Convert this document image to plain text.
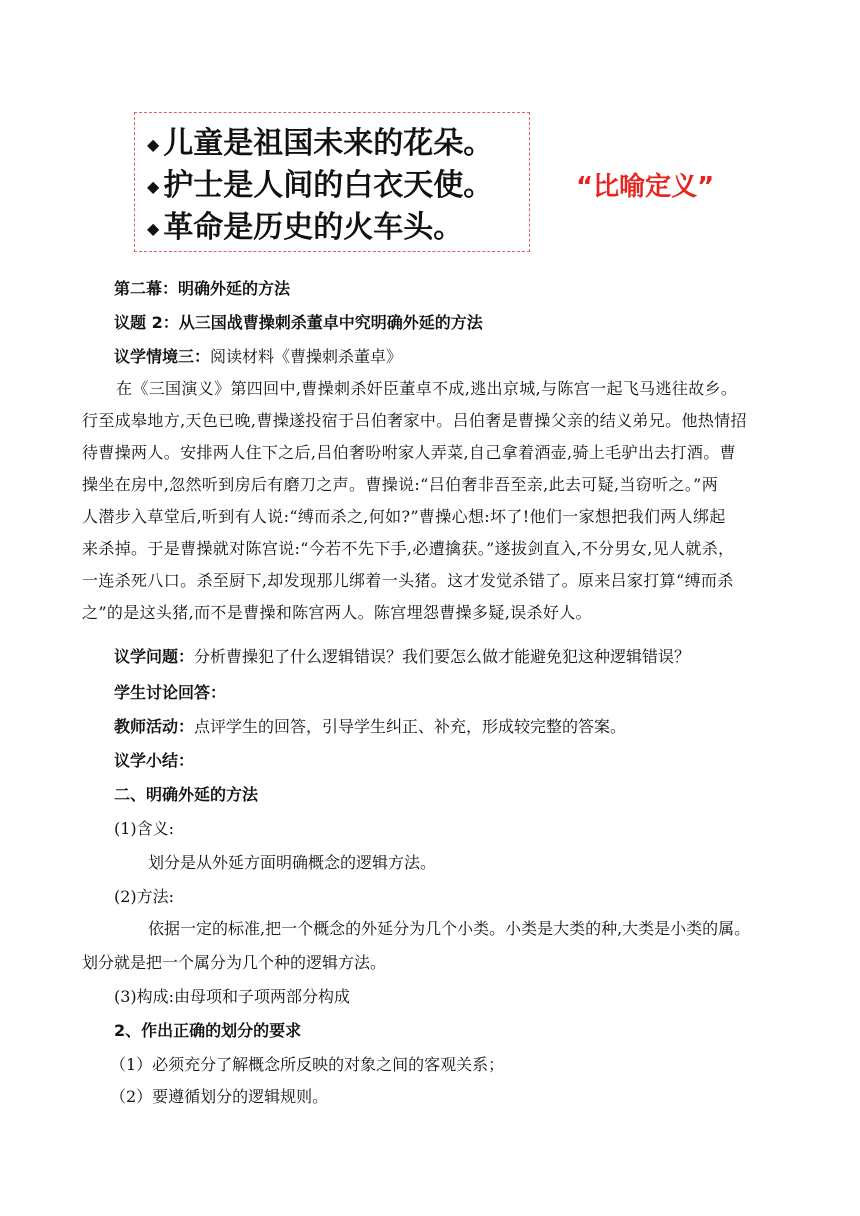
◆ 儿童是祖国未来的花朵。
◆ 护士是人间的白衣天使。
◆ 革命是历史的火车头。
“比喻定义”
第二幕：明确外延的方法
议题 2：从三国战曹操刺杀董卓中究明确外延的方法
议学情境三：阅读材料《曹操刺杀董卓》
在《三国演义》第四回中,曹操刺杀奸臣董卓不成,逃出京城,与陈宫一起飞马逃往故乡。
行至成皋地方,天色已晚,曹操遂投宿于吕伯奢家中。吕伯奢是曹操父亲的结义弟兄。他热情招
待曹操两人。安排两人住下之后,吕伯奢吩咐家人弄菜,自己拿着酒壶,骑上毛驴出去打酒。曹
操坐在房中,忽然听到房后有磨刀之声。曹操说:“吕伯奢非吾至亲,此去可疑,当窃听之。”两
人潜步入草堂后,听到有人说:“缚而杀之,何如?”曹操心想:坏了!他们一家想把我们两人绑起
来杀掉。于是曹操就对陈宫说:“今若不先下手,必遭擒获。”遂拔剑直入,不分男女,见人就杀，
一连杀死八口。杀至厨下,却发现那儿绑着一头猪。这才发觉杀错了。原来吕家打算“缚而杀
之”的是这头猪,而不是曹操和陈宫两人。陈宫埋怨曹操多疑,误杀好人。
议学问题：分析曹操犯了什么逻辑错误？我们要怎么做才能避免犯这种逻辑错误？
学生讨论回答：
教师活动：点评学生的回答，引导学生纠正、补充，形成较完整的答案。
议学小结：
二、明确外延的方法
(1)含义:
划分是从外延方面明确概念的逻辑方法。
(2)方法:
依据一定的标准,把一个概念的外延分为几个小类。小类是大类的种,大类是小类的属。
划分就是把一个属分为几个种的逻辑方法。
(3)构成:由母项和子项两部分构成
2、作出正确的划分的要求
（1）必须充分了解概念所反映的对象之间的客观关系；
（2）要遵循划分的逻辑规则。
